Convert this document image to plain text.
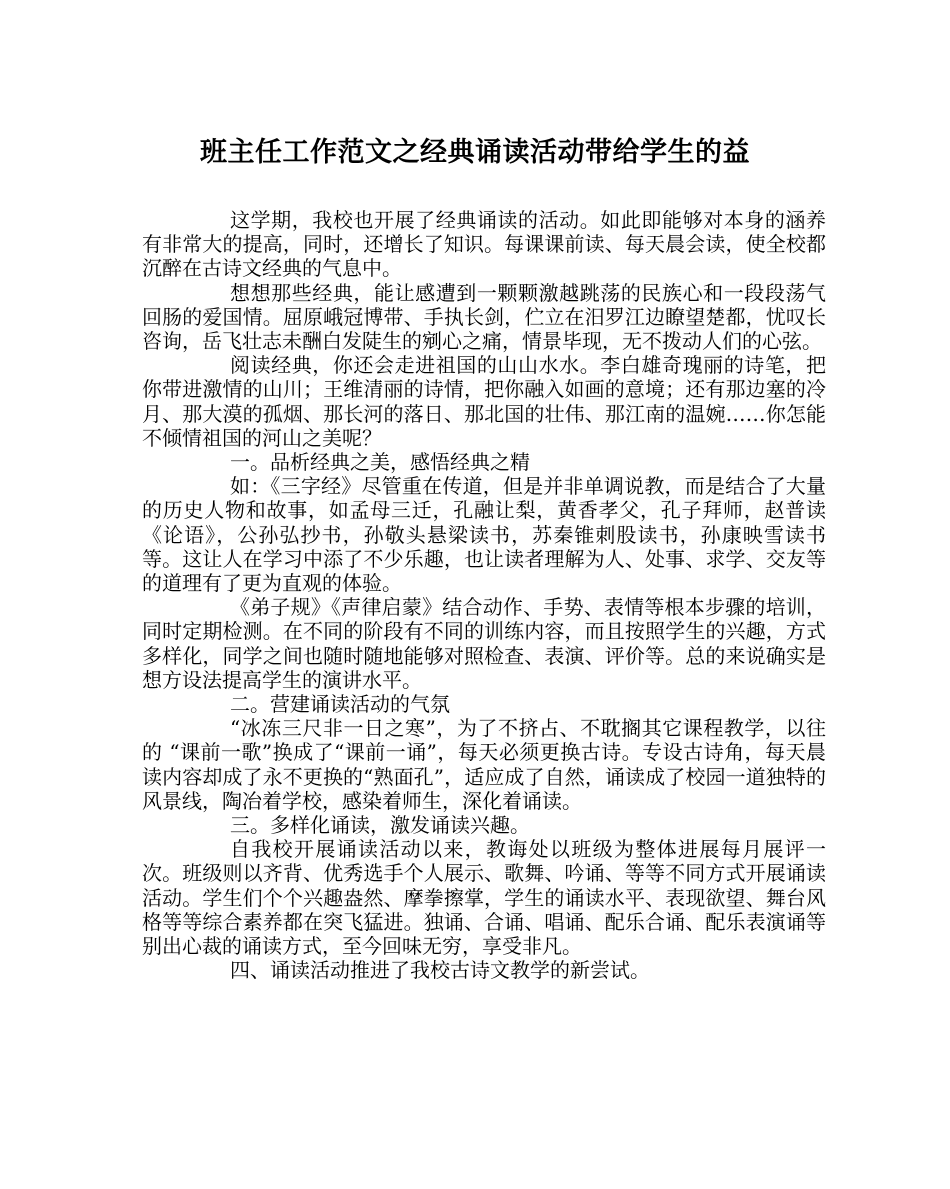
班主任工作范文之经典诵读活动带给学生的益

这学期，我校也开展了经典诵读的活动。如此即能够对本身的涵养有非常大的提高，同时，还增长了知识。每课课前读、每天晨会读，使全校都沉醉在古诗文经典的气息中。

想想那些经典，能让感遭到一颗颗激越跳荡的民族心和一段段荡气回肠的爱国情。屈原峨冠博带、手执长剑，伫立在汨罗江边瞭望楚都，忧叹长咨询，岳飞壮志未酬白发陡生的剜心之痛，情景毕现，无不拨动人们的心弦。

阅读经典，你还会走进祖国的山山水水。李白雄奇瑰丽的诗笔，把你带进激情的山川；王维清丽的诗情，把你融入如画的意境；还有那边塞的冷月、那大漠的孤烟、那长河的落日、那北国的壮伟、那江南的温婉……你怎能不倾情祖国的河山之美呢？

一。品析经典之美，感悟经典之精

如：《三字经》尽管重在传道，但是并非单调说教，而是结合了大量的历史人物和故事，如孟母三迁，孔融让梨，黄香孝父，孔子拜师，赵普读《论语》，公孙弘抄书，孙敬头悬梁读书，苏秦锥刺股读书，孙康映雪读书等。这让人在学习中添了不少乐趣，也让读者理解为人、处事、求学、交友等的道理有了更为直观的体验。

《弟子规》《声律启蒙》结合动作、手势、表情等根本步骤的培训，同时定期检测。在不同的阶段有不同的训练内容，而且按照学生的兴趣，方式多样化，同学之间也随时随地能够对照检查、表演、评价等。总的来说确实是想方设法提高学生的演讲水平。

二。营建诵读活动的气氛

“冰冻三尺非一日之寒”，为了不挤占、不耽搁其它课程教学，以往的 “课前一歌”换成了“课前一诵”，每天必须更换古诗。专设古诗角，每天晨读内容却成了永不更换的“熟面孔”，适应成了自然，诵读成了校园一道独特的风景线，陶冶着学校，感染着师生，深化着诵读。

三。多样化诵读，激发诵读兴趣。

自我校开展诵读活动以来，教诲处以班级为整体进展每月展评一次。班级则以齐背、优秀选手个人展示、歌舞、吟诵、等等不同方式开展诵读活动。学生们个个兴趣盎然、摩拳擦掌，学生的诵读水平、表现欲望、舞台风格等等综合素养都在突飞猛进。独诵、合诵、唱诵、配乐合诵、配乐表演诵等别出心裁的诵读方式，至今回味无穷，享受非凡。

四、诵读活动推进了我校古诗文教学的新尝试。
